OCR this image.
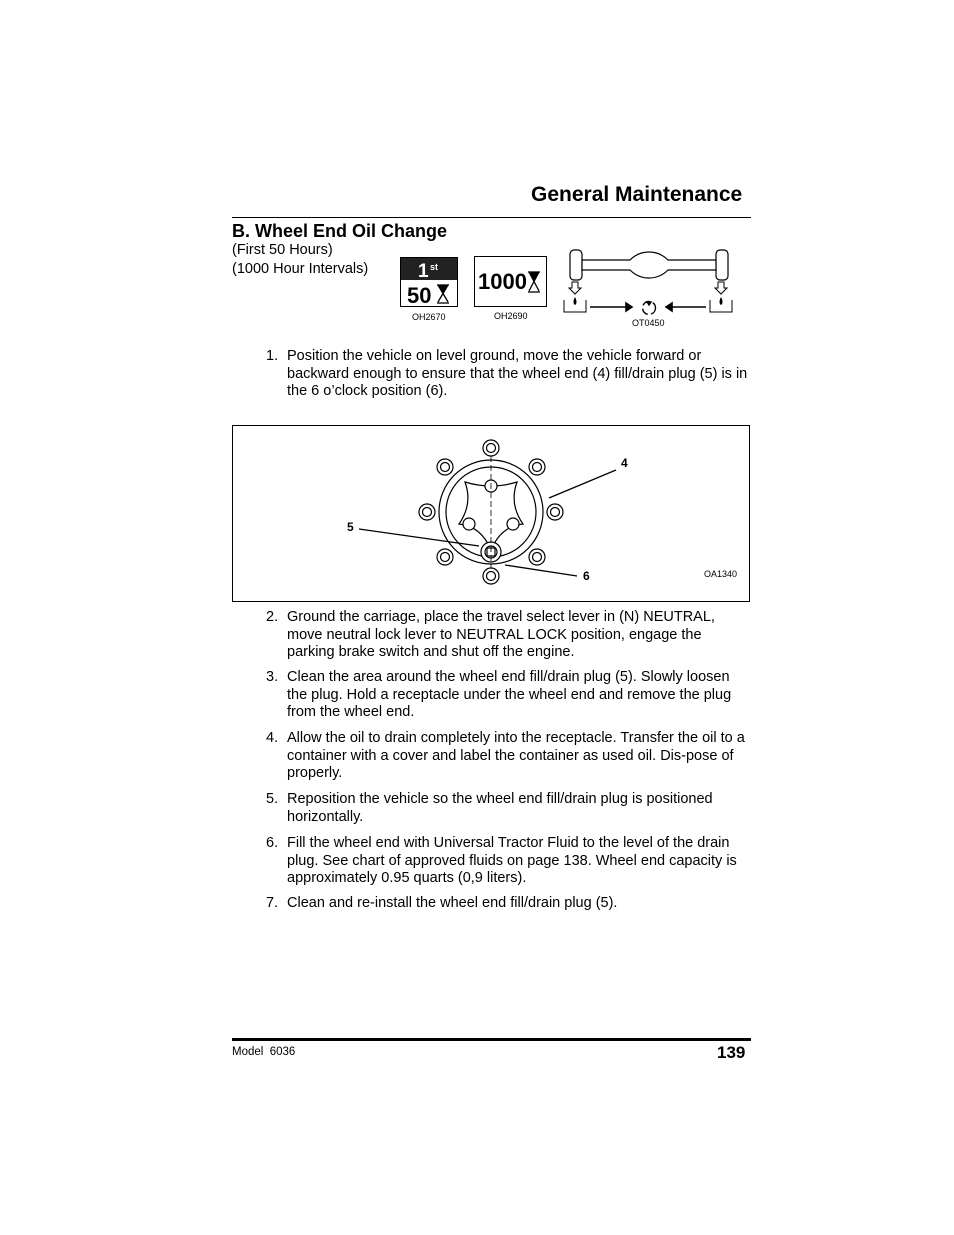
General Maintenance
B. Wheel End Oil Change
(First 50 Hours)
(1000 Hour Intervals)	1 st
50
OH2670
1000
OH2690
OT0450
1. Position the vehicle on level ground, move the vehicle forward or backward enough to ensure that the wheel end (4) fill/drain plug (5) is in the 6 o’clock position (6).
4
5
6	OA1340
2. Ground the carriage, place the travel select lever in (N) NEUTRAL, move neutral lock lever to NEUTRAL LOCK position, engage the parking brake switch and shut off the engine.
3. Clean the area around the wheel end fill/drain plug (5). Slowly loosen the plug. Hold a receptacle under the wheel end and remove the plug from the wheel end.
4. Allow the oil to drain completely into the receptacle. Transfer the oil to a container with a cover and label the container as used oil. Dis-pose of properly.
5. Reposition the vehicle so the wheel end fill/drain plug is positioned horizontally.
6. Fill the wheel end with Universal Tractor Fluid to the level of the drain plug. See chart of approved fluids on page 138. Wheel end capacity is approximately 0.95 quarts (0,9 liters).
7. Clean and re-install the wheel end fill/drain plug (5).
Model  6036	139
